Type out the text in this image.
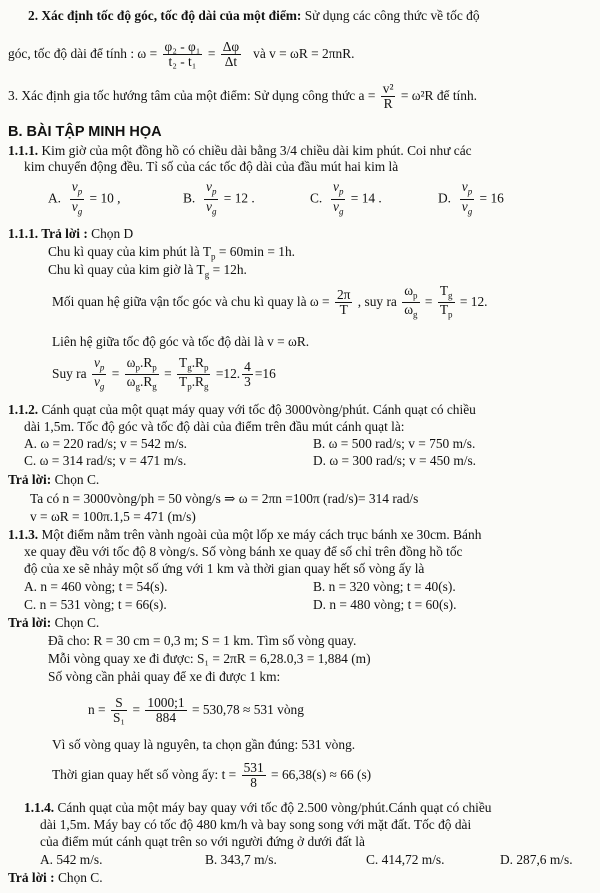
2. Xác định tốc độ góc, tốc độ dài của một điểm: Sử dụng các công thức về tốc độ
góc, tốc độ dài để tính : $\omega = \frac{\text{φ₂ - φ₁}}{\text{t₂ - t₁}} = \frac{\Delta\varphi}{\Delta t}$ và v = ωR = 2πnR.
3. Xác định gia tốc hướng tâm của một điểm: Sử dụng công thức $a = \frac{\text{v²}}{R} = \omega^2R$ để tính.
B. BÀI TẬP MINH HỌA
1.1.1. Kim giờ của một đồng hồ có chiều dài bằng 3/4 chiều dài kim phút. Coi như các
kim chuyển động đều. Tỉ số của các tốc độ dài của đầu mút hai kim là
A. $\frac{v_p}{v_g} = 10$ ,	B. $\frac{v_p}{v_g} = 12$ .	C. $\frac{v_p}{v_g} = 14$ .	D. $\frac{v_p}{v_g} = 16$
1.1.1. Trả lời : Chọn D
Chu kì quay của kim phút là $T_p = 60\min = 1h$.
Chu kì quay của kim giờ là $T_g = 12h$.
Mối quan hệ giữa vận tốc góc và chu kì quay là $\omega = \frac{2\pi}{T}$ , suy ra $\frac{\omega_p}{\omega_g} = \frac{T_g}{T_p} = 12$.
Liên hệ giữa tốc độ góc và tốc độ dài là v = ωR.
Suy ra $\frac{v_p}{v_g} = \frac{\omega_p.R_p}{\omega_g.R_g} = \frac{T_g.R_p}{T_p.R_g} =12$. $\frac{4}{3} =16$
1.1.2. Cánh quạt của một quạt máy quay với tốc độ 3000vòng/phút. Cánh quạt có chiều
dài 1,5m. Tốc độ góc và tốc độ dài của điểm trên đầu mút cánh quạt là:
A. ω = 220 rad/s; v = 542 m/s.	B. ω = 500 rad/s; v = 750 m/s.
C. ω = 314 rad/s; v = 471 m/s.	D. ω = 300 rad/s; v = 450 m/s.
Trả lời: Chọn C.
Ta có n = 3000vòng/ph = 50 vòng/s ⇒ ω = 2πn =100π (rad/s)= 314 rad/s
v = ωR = 100π.1,5 = 471 (m/s)
1.1.3. Một điểm nằm trên vành ngoài của một lốp xe máy cách trục bánh xe 30cm. Bánh
xe quay đều với tốc độ 8 vòng/s. Số vòng bánh xe quay để số chỉ trên đồng hồ tốc
độ của xe sẽ nhảy một số ứng với 1 km và thời gian quay hết số vòng ấy là
A. n = 460 vòng; t = 54(s).	B. n = 320 vòng; t = 40(s).
C. n = 531 vòng; t = 66(s).	D. n = 480 vòng; t = 60(s).
Trả lời: Chọn C.
Đã cho: R = 30 cm = 0,3 m; S = 1 km. Tìm số vòng quay.
Mỗi vòng quay xe đi được: S₁ = 2πR = 6,28.0,3 = 1,884 (m)
Số vòng cần phải quay để xe đi được 1 km:
$n = \frac{S}{\text{S₁}} = \frac{1000;1}{884} = 530,78 \approx 531$ vòng
Vì số vòng quay là nguyên, ta chọn gần đúng: 531 vòng.
Thời gian quay hết số vòng ấy: $t = \frac{531}{8} = 66,38(s) \approx 66$ (s)
1.1.4. Cánh quạt của một máy bay quay với tốc độ 2.500 vòng/phút.Cánh quạt có chiều
dài 1,5m. Máy bay có tốc độ 480 km/h và bay song song với mặt đất. Tốc độ dài
của điểm mút cánh quạt trên so với người đứng ở dưới đất là
A. 542 m/s.	B. 343,7 m/s.	C. 414,72 m/s.	D. 287,6 m/s.
Trả lời : Chọn C.
